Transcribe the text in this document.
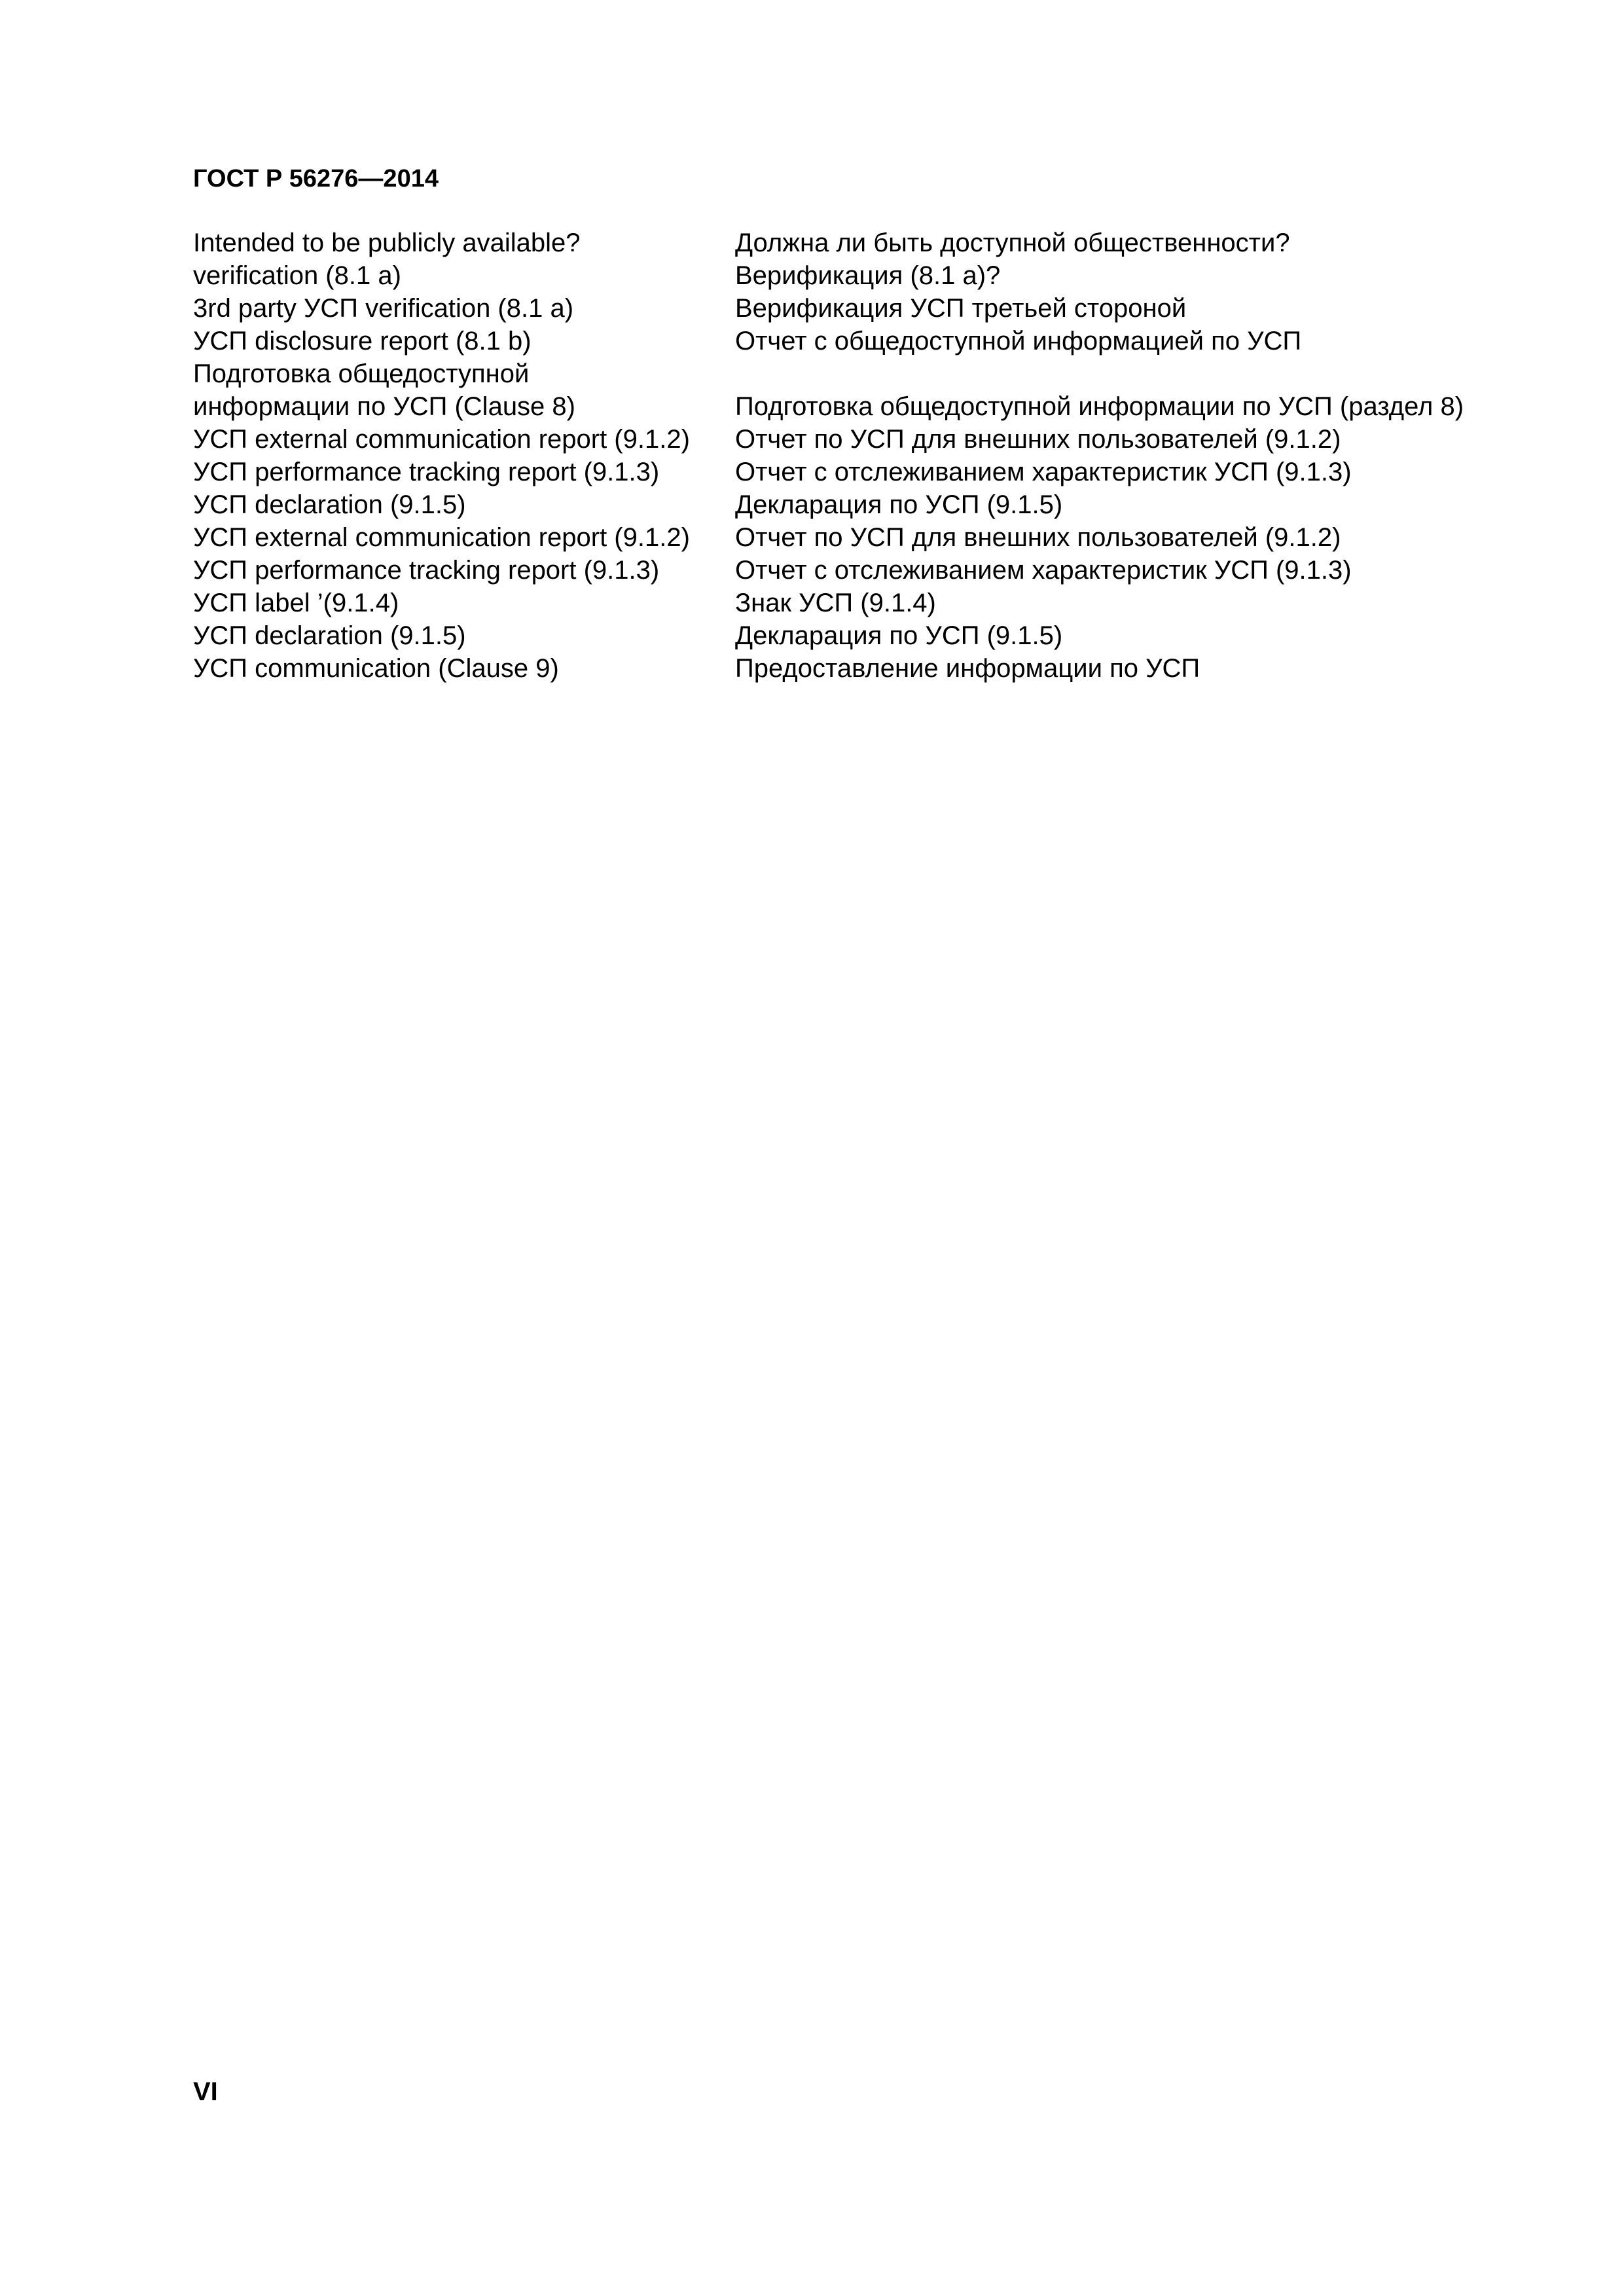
ГОСТ Р 56276—2014
Intended to be publicly available?	Должна ли быть доступной общественности?
verification (8.1 a)	Верификация (8.1 a)?
3rd party УСП verification (8.1 a)	Верификация УСП третьей стороной
УСП disclosure report (8.1 b)	Отчет с общедоступной информацией по УСП
Подготовка общедоступной
информации по УСП (Clause 8)	Подготовка общедоступной информации по УСП (раздел 8)
УСП external communication report (9.1.2)	Отчет по УСП для внешних пользователей (9.1.2)
УСП performance tracking report (9.1.3)	Отчет с отслеживанием характеристик УСП (9.1.3)
УСП declaration (9.1.5)	Декларация по УСП (9.1.5)
УСП external communication report (9.1.2)	Отчет по УСП для внешних пользователей (9.1.2)
УСП performance tracking report (9.1.3)	Отчет с отслеживанием характеристик УСП (9.1.3)
УСП label ’(9.1.4)	Знак УСП (9.1.4)
УСП declaration (9.1.5)	Декларация по УСП (9.1.5)
УСП communication (Clause 9)	Предоставление информации по УСП
VI
